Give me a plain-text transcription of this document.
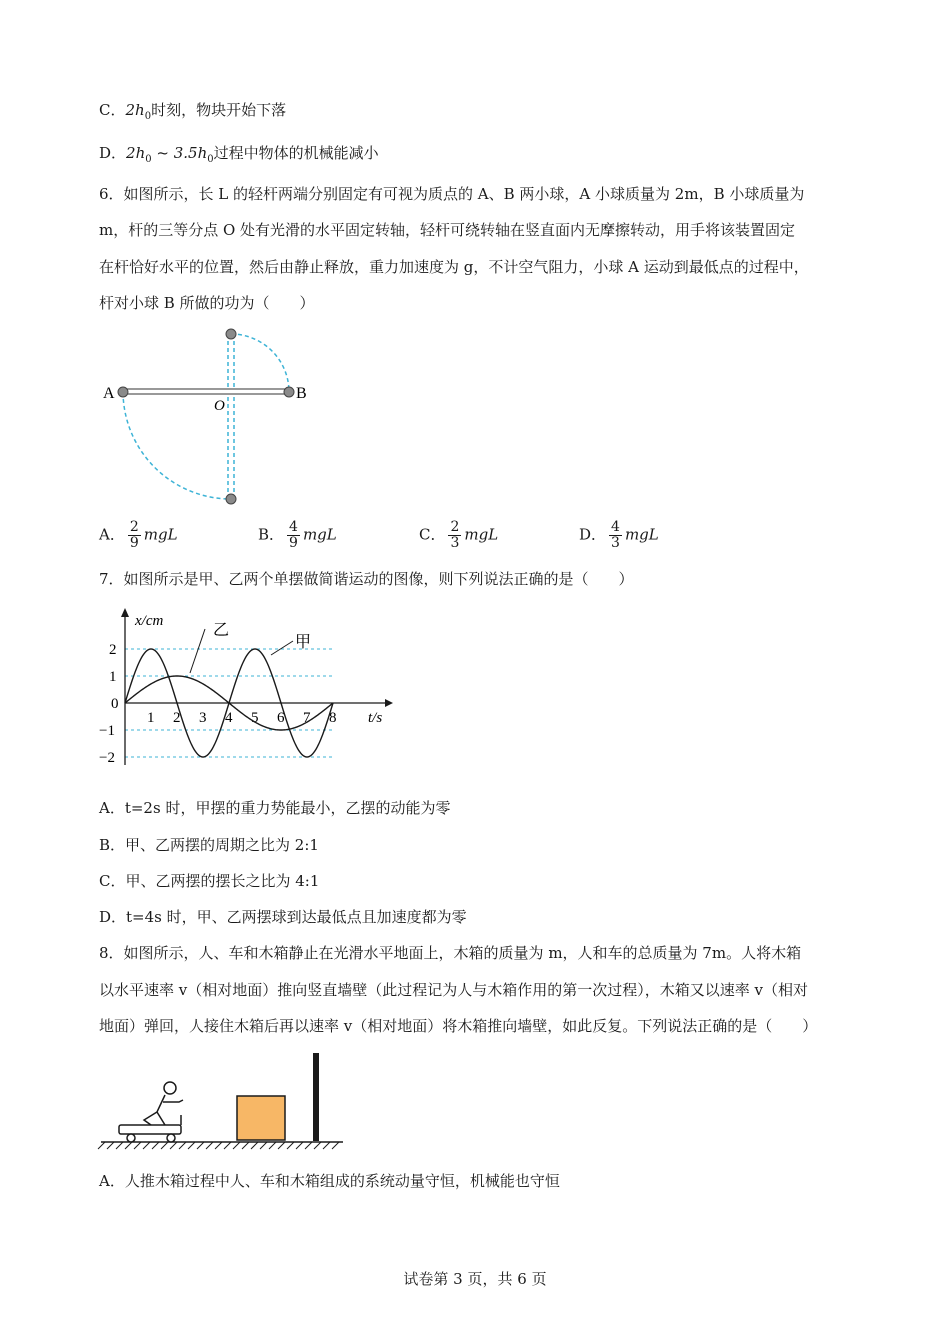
C．$2h_0$时刻，物块开始下落
D．$2h_0$ ~ $3.5h_0$过程中物体的机械能减小
6．如图所示，长 L 的轻杆两端分别固定有可视为质点的 A、B 两小球，A 小球质量为 2m，B 小球质量为
m，杆的三等分点 O 处有光滑的水平固定转轴，轻杆可绕转轴在竖直面内无摩擦转动，用手将该装置固定
在杆恰好水平的位置，然后由静止释放，重力加速度为 g，不计空气阻力，小球 A 运动到最低点的过程中，
杆对小球 B 所做的功为（　　）
A	B
O
A． $\frac{2}{9}$ mgL	B． $\frac{4}{9}$ mgL	C． $\frac{2}{3}$ mgL	D． $\frac{4}{3}$ mgL
7．如图所示是甲、乙两个单摆做简谐运动的图像，则下列说法正确的是（　　）
1 2 3 4 5 6 7 8
2
1
−1
−2
x/cm
t/s
0
乙
甲
A．t=2s 时，甲摆的重力势能最小，乙摆的动能为零
B．甲、乙两摆的周期之比为 2:1
C．甲、乙两摆的摆长之比为 4:1
D．t=4s 时，甲、乙两摆球到达最低点且加速度都为零
8．如图所示，人、车和木箱静止在光滑水平地面上，木箱的质量为 m，人和车的总质量为 7m。人将木箱
以水平速率 v（相对地面）推向竖直墙壁（此过程记为人与木箱作用的第一次过程），木箱又以速率 v（相对
地面）弹回，人接住木箱后再以速率 v（相对地面）将木箱推向墙壁，如此反复。下列说法正确的是（　　）
A．人推木箱过程中人、车和木箱组成的系统动量守恒，机械能也守恒
试卷第 3 页，共 6 页
